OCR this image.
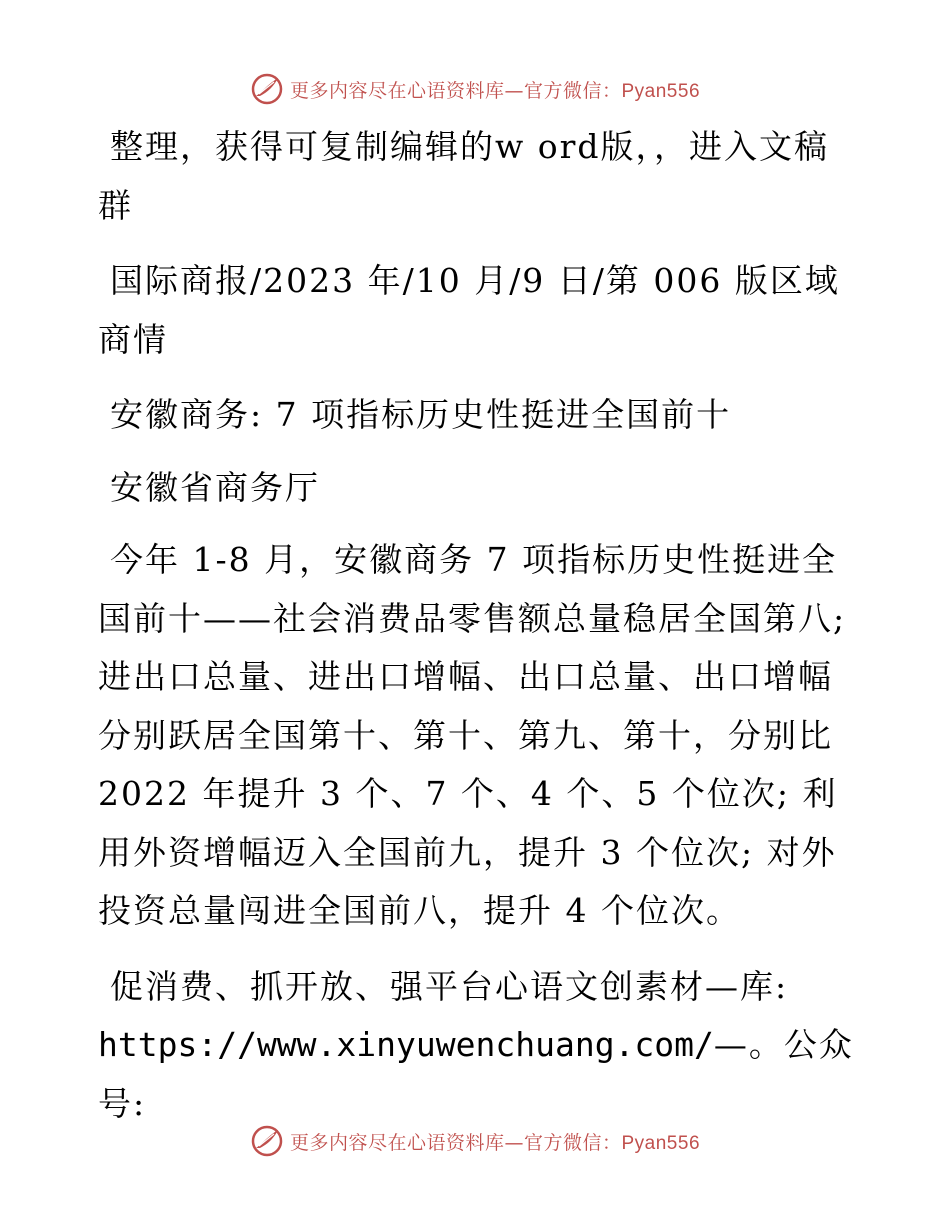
更多内容尽在心语资料库—官方微信：Pyan556

整理，获得可复制编辑的w ord版，，进入文稿群

国际商报/2023 年/10 月/9 日/第 006 版区域商情

安徽商务: 7 项指标历史性挺进全国前十

安徽省商务厅

今年 1-8 月，安徽商务 7 项指标历史性挺进全国前十——社会消费品零售额总量稳居全国第八;进出口总量、进出口增幅、出口总量、出口增幅分别跃居全国第十、第十、第九、第十，分别比 2022 年提升 3 个、7 个、4 个、5 个位次; 利用外资增幅迈入全国前九，提升 3 个位次; 对外投资总量闯进全国前八，提升 4 个位次。

促消费、抓开放、强平台心语文创素材—库:

https://www.xinyuwenchuang.com/—。公众号:

更多内容尽在心语资料库—官方微信：Pyan556
